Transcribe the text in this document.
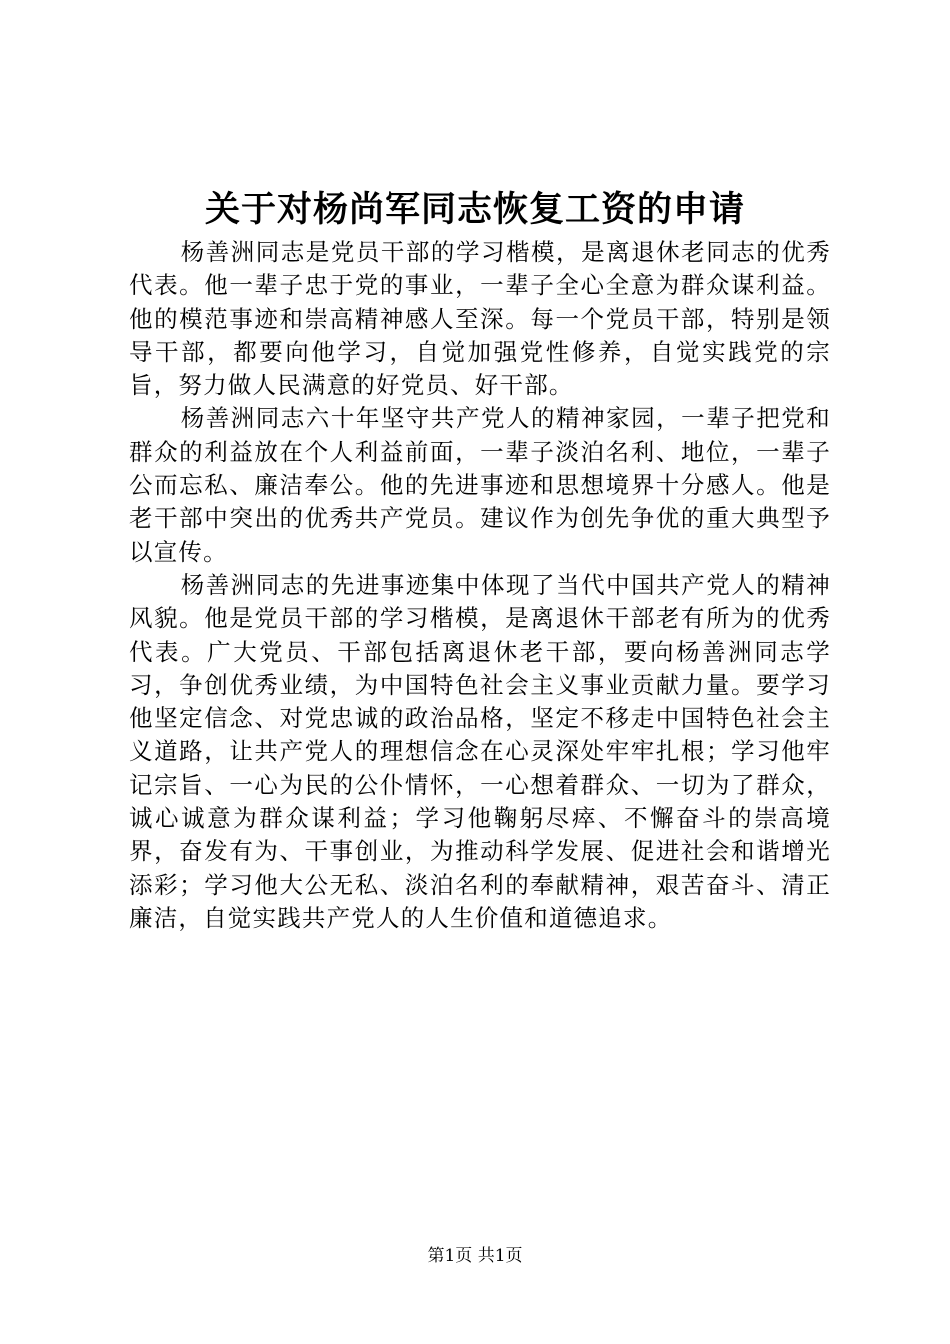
关于对杨尚军同志恢复工资的申请

杨善洲同志是党员干部的学习楷模，是离退休老同志的优秀代表。他一辈子忠于党的事业，一辈子全心全意为群众谋利益。他的模范事迹和崇高精神感人至深。每一个党员干部，特别是领导干部，都要向他学习，自觉加强党性修养，自觉实践党的宗旨，努力做人民满意的好党员、好干部。

杨善洲同志六十年坚守共产党人的精神家园，一辈子把党和群众的利益放在个人利益前面，一辈子淡泊名利、地位，一辈子公而忘私、廉洁奉公。他的先进事迹和思想境界十分感人。他是老干部中突出的优秀共产党员。建议作为创先争优的重大典型予以宣传。

杨善洲同志的先进事迹集中体现了当代中国共产党人的精神风貌。他是党员干部的学习楷模，是离退休干部老有所为的优秀代表。广大党员、干部包括离退休老干部，要向杨善洲同志学习，争创优秀业绩，为中国特色社会主义事业贡献力量。要学习他坚定信念、对党忠诚的政治品格，坚定不移走中国特色社会主义道路，让共产党人的理想信念在心灵深处牢牢扎根；学习他牢记宗旨、一心为民的公仆情怀，一心想着群众、一切为了群众，诚心诚意为群众谋利益；学习他鞠躬尽瘁、不懈奋斗的崇高境界，奋发有为、干事创业，为推动科学发展、促进社会和谐增光添彩；学习他大公无私、淡泊名利的奉献精神，艰苦奋斗、清正廉洁，自觉实践共产党人的人生价值和道德追求。

第1页 共1页
